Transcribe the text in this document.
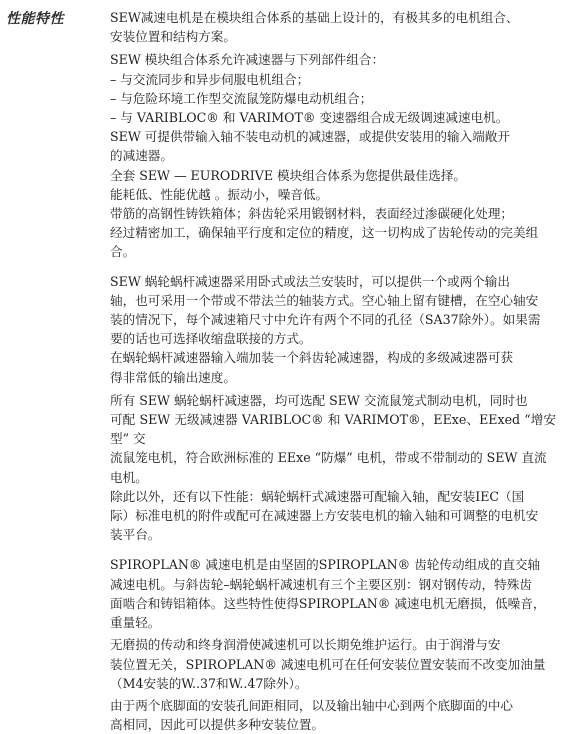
性能特性	SEW减速电机是在模块组合体系的基础上设计的，有极其多的电机组合、
安装位置和结构方案。

SEW 模块组合体系允许减速器与下列部件组合：
– 与交流同步和异步伺服电机组合；
– 与危险环境工作型交流鼠笼防爆电动机组合；
– 与 VARIBLOC® 和 VARIMOT® 变速器组合成无级调速减速电机。

SEW 可提供带输入轴不装电动机的减速器，或提供安装用的输入端敞开
的减速器。

全套 SEW — EURODRIVE 模块组合体系为您提供最佳选择。

能耗低、性能优越 。振动小，噪音低。

带筋的高钢性铸铁箱体；斜齿轮采用锻钢材料，表面经过渗碳硬化处理；
经过精密加工，确保轴平行度和定位的精度，这一切构成了齿轮传动的完美组
合。

SEW 蜗轮蜗杆减速器采用卧式或法兰安装时，可以提供一个或两个输出
轴，也可采用一个带或不带法兰的轴装方式。空心轴上留有键槽，在空心轴安
装的情况下，每个减速箱尺寸中允许有两个不同的孔径（SA37除外）。如果需
要的话也可选择收缩盘联接的方式。

在蜗轮蜗杆减速器输入端加装一个斜齿轮减速器，构成的多级减速器可获
得非常低的输出速度。

所有 SEW 蜗轮蜗杆减速器，均可选配 SEW 交流鼠笼式制动电机，同时也
可配 SEW 无级减速器 VARIBLOC® 和 VARIMOT®，EExe、EExed “增安型” 交
流鼠笼电机，符合欧洲标准的 EExe “防爆” 电机，带或不带制动的 SEW 直流
电机。

除此以外，还有以下性能：蜗轮蜗杆式减速器可配输入轴，配安装IEC（国
际）标准电机的附件或配可在减速器上方安装电机的输入轴和可调整的电机安
装平台。

SPIROPLAN® 减速电机是由坚固的SPIROPLAN® 齿轮传动组成的直交轴
减速电机。与斜齿轮–蜗轮蜗杆减速机有三个主要区别：钢对钢传动，特殊齿
面啮合和铸铝箱体。这些特性使得SPIROPLAN® 减速电机无磨损，低噪音，
重量轻。

无磨损的传动和终身润滑使减速机可以长期免维护运行。由于润滑与安
装位置无关，SPIROPLAN® 减速电机可在任何安装位置安装而不改变加油量
（M4安装的W..37和W..47除外）。

由于两个底脚面的安装孔间距相同，以及输出轴中心到两个底脚面的中心
高相同，因此可以提供多种安装位置。
